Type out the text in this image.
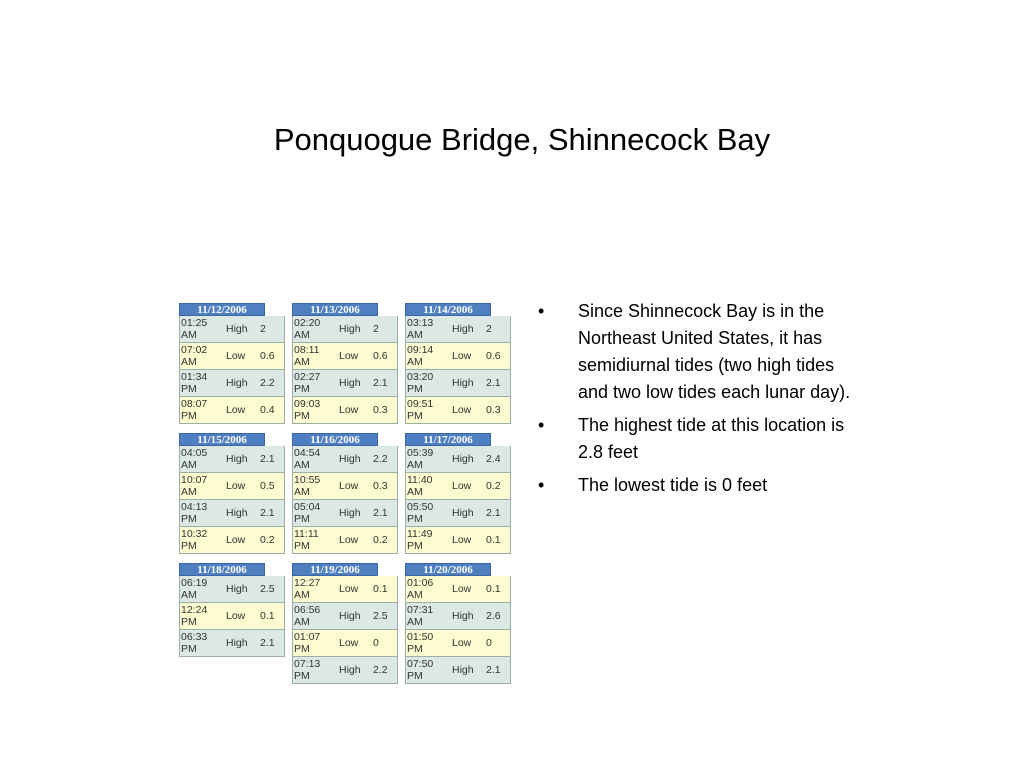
Ponquogue Bridge, Shinnecock Bay
11/12/2006
01:25 AM	High 2
07:02 AM	Low 0.6
01:34 PM	High 2.2
08:07 PM	Low 0.4
11/13/2006
02:20 AM	High 2
08:11 AM	Low 0.6
02:27 PM	High 2.1
09:03 PM	Low 0.3
11/14/2006
03:13 AM	High 2
09:14 AM	Low 0.6
03:20 PM	High 2.1
09:51 PM	Low 0.3
11/15/2006
04:05 AM	High 2.1
10:07 AM	Low 0.5
04:13 PM	High 2.1
10:32 PM	Low 0.2
11/16/2006
04:54 AM	High 2.2
10:55 AM	Low 0.3
05:04 PM	High 2.1
11:11 PM	Low 0.2
11/17/2006
05:39 AM	High 2.4
11:40 AM	Low 0.2
05:50 PM	High 2.1
11:49 PM	Low 0.1
11/18/2006
06:19 AM	High 2.5
12:24 PM	Low 0.1
06:33 PM	High 2.1
11/19/2006
12:27 AM	Low 0.1
06:56 AM	High 2.5
01:07 PM	Low 0
07:13 PM	High 2.2
11/20/2006
01:06 AM	Low 0.1
07:31 AM	High 2.6
01:50 PM	Low 0
07:50 PM	High 2.1
• Since Shinnecock Bay is in the Northeast United States, it has semidiurnal tides (two high tides and two low tides each lunar day).
• The highest tide at this location is 2.8 feet
• The lowest tide is 0 feet
